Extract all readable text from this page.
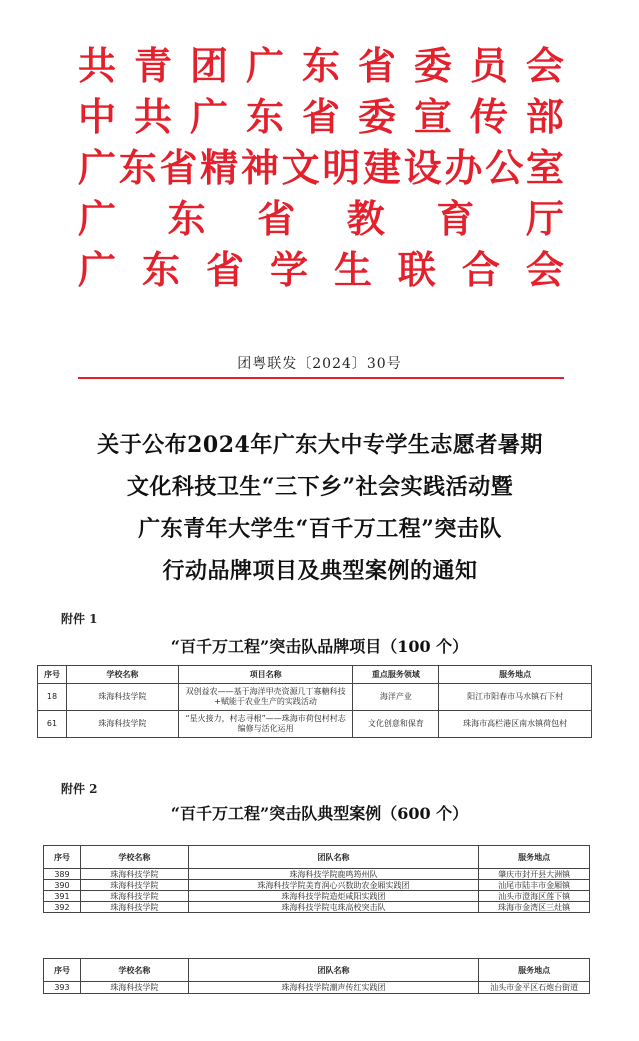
共 青 团 广 东 省 委 员 会
中 共 广 东 省 委 宣 传 部
广 东 省 精 神 文 明 建 设 办 公 室
广 东 省 教 育 厅
广 东 省 学 生 联 合 会
团粤联发〔2024〕30号
关于公布2024年广东大中专学生志愿者暑期
文化科技卫生“三下乡”社会实践活动暨
广东青年大学生“百千万工程”突击队
行动品牌项目及典型案例的通知
附件 1
“百千万工程”突击队品牌项目（100 个）
序号	学校名称	项目名称	重点服务领域	服务地点
18	珠海科技学院	双创益农——基于海洋甲壳资源几丁寡糖科技+赋能于农业生产的实践活动	海洋产业	阳江市阳春市马水镇石下村
61	珠海科技学院	“星火接力，村志寻根”——珠海市荷包村村志编修与活化运用	文化创意和保育	珠海市高栏港区南水镇荷包村
附件 2
“百千万工程”突击队典型案例（600 个）
序号	学校名称	团队名称	服务地点
389	珠海科技学院	珠海科技学院鹿鸣筠州队	肇庆市封开县大洲镇
390	珠海科技学院	珠海科技学院美育润心兴数助农金厢实践团	汕尾市陆丰市金厢镇
391	珠海科技学院	珠海科技学院造炬咸阳实践团	汕头市澄海区莲下镇
392	珠海科技学院	珠海科技学院屯珠高校突击队	珠海市金湾区三灶镇
序号	学校名称	团队名称	服务地点
393	珠海科技学院	珠海科技学院潮声传红实践团	汕头市金平区石炮台街道
